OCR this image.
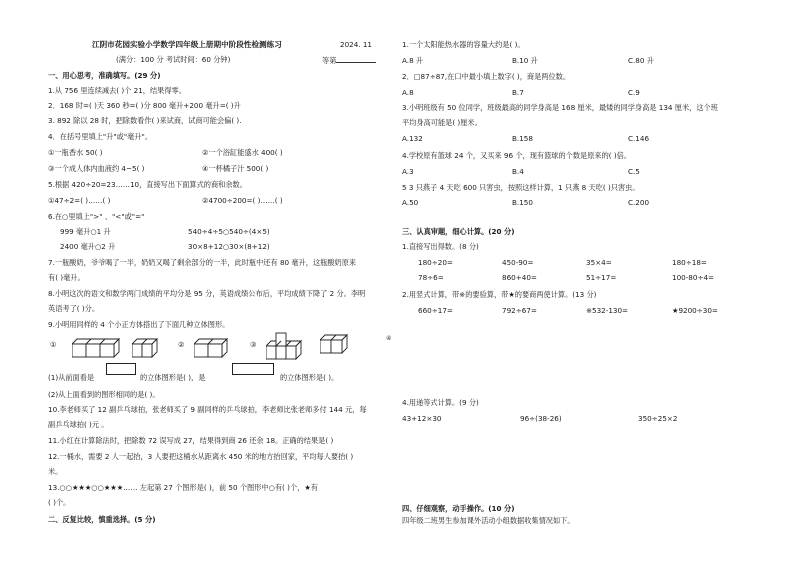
江阴市花园实验小学数学四年级上册期中阶段性检测练习	2024. 11
(满分：100 分 考试时间：60 分钟)	等第
一、用心思考，准确填写。(29 分)
1.从 756 里连续减去( )个 21，结果得零。
2．168 时=( )天 360 秒=( )分 800 毫升+200 毫升=( )升
3. 892 除以 28 时，把除数看作( )来试商，试商可能会偏( ).
4．在括号里填上"升"或"毫升"。
①一瓶香水 50( )	②一个浴缸能盛水 400( )
③一个成人体内血液约 4~5( )	④一杯橘子汁 500( )
5.根据 420÷20=23……10，直接写出下面算式的商和余数。
①47÷2=( )……( )	②4700÷200=( )……( )
6.在○里填上">" 、"<"或"="
999 毫升○1 升	540÷4÷5○540÷(4×5)
2400 毫升○2 升	30×8+12○30×(8+12)
7.一瓶酸奶，爷爷喝了一半，奶奶又喝了剩余部分的一半，此时瓶中还有 80 毫升，这瓶酸奶原来
有( )毫升。
8.小明这次的语文和数学两门成绩的平均分是 95 分，英语成绩公布后，平均成绩下降了 2 分。李明
英语考了( )分。
9.小明用同样的 4 个小正方体搭出了下面几种立体图形。
①	②	③
④
(1)从前面看是	的立体图形是( )，是	的立体图形是( )。
(2)从上面看到的图形相同的是( )。
10.李老师买了 12 副乒乓球拍，张老师买了 9 副同样的乒乓球拍，李老师比张老师多付 144 元，每
副乒乓球拍( )元 。
11.小红在计算除法时，把除数 72 误写成 27，结果得到商 26 还余 18。正确的结果是( )
12.一桶水，需要 2 人一起抬，3 人要把这桶水从距离水 450 米的地方抬回家，平均每人要抬( )
米。
13.○○★★★○○★★★…… 左起第 27 个图形是( )，前 50 个图形中○有( )个，★有
( )个。
二、反复比较，慎重选择。(5 分)
1.一个太阳能热水器的容量大约是( )。
A.8 升	B.10 升	C.80 升
2．□87÷87,在口中最小填上数字( )，商是两位数。
A.8	B.7	C.9
3.小明班级有 50 位同学，班级最高的同学身高是 168 厘米，最矮的同学身高是 134 厘米，这个班
平均身高可能是( )厘米。
A.132	B.158	C.146
4.学校原有篮球 24 个，又买来 96 个，现有篮球的个数是原来的( )倍。
A.3	B.4	C.5
5 3 只燕子 4 天吃 600 只害虫，按照这样计算，1 只燕 8 天吃( )只害虫。
A.50	B.150	C.200
三、认真审题，细心计算。(20 分)
1.直接写出得数。(8 分)
180÷20=	450-90=	35×4=	180÷18=
78÷6=	860+40=	51÷17=	100-80÷4=
2.用竖式计算，带※的要验算，带★的要商两使计算。(13 分)
660÷17=	792÷67=	※532-130=	★9200÷30=
4.用递等式计算。(9 分)
43+12×30	96÷(38-26)	350÷25×2
四、仔细观察，动手操作。(10 分)
四年级二班男生参加课外活动小组数据收集情况如下。
